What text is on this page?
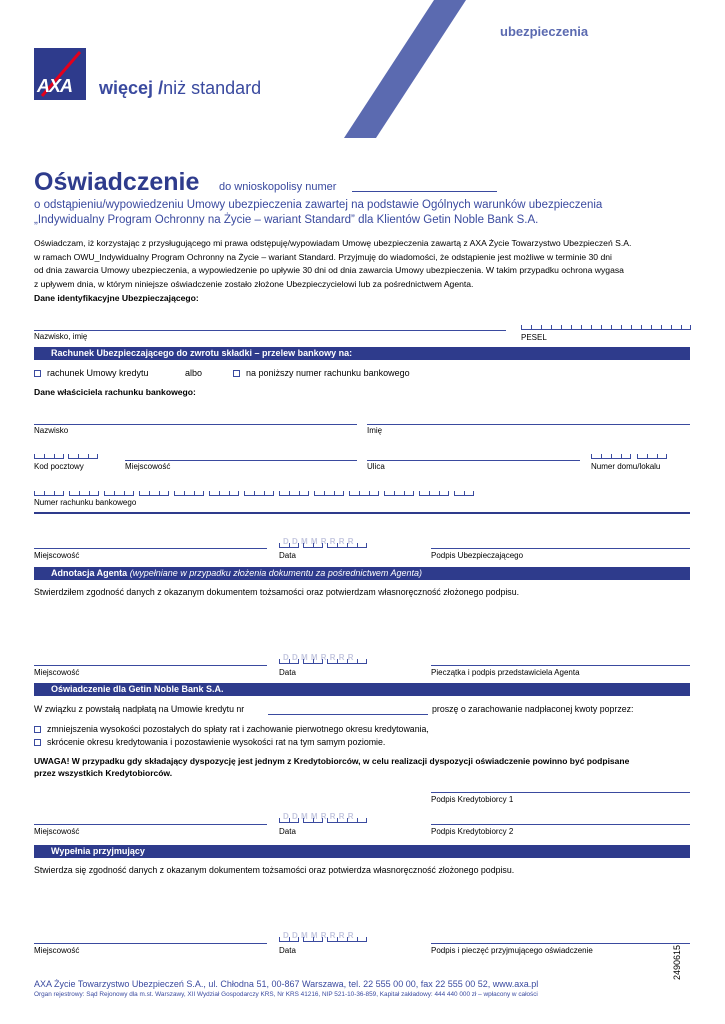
ubezpieczenia
AXA więcej /niż standard
Oświadczenie do wnioskopolisy numer
o odstąpieniu/wypowiedzeniu Umowy ubezpieczenia zawartej na podstawie Ogólnych warunków ubezpieczenia
„Indywidualny Program Ochronny na Życie – wariant Standard” dla Klientów Getin Noble Bank S.A.
Oświadczam, iż korzystając z przysługującego mi prawa odstępuję/wypowiadam Umowę ubezpieczenia zawartą z AXA Życie Towarzystwo Ubezpieczeń S.A.
w ramach OWU_Indywidualny Program Ochronny na Życie – wariant Standard. Przyjmuję do wiadomości, że odstąpienie jest możliwe w terminie 30 dni
od dnia zawarcia Umowy ubezpieczenia, a wypowiedzenie po upływie 30 dni od dnia zawarcia Umowy ubezpieczenia. W takim przypadku ochrona wygasa
z upływem dnia, w którym niniejsze oświadczenie zostało złożone Ubezpieczycielowi lub za pośrednictwem Agenta.
Dane identyfikacyjne Ubezpieczającego:
Nazwisko, imię	PESEL
Rachunek Ubezpieczającego do zwrotu składki – przelew bankowy na:
rachunek Umowy kredytu	albo	na poniższy numer rachunku bankowego
Dane właściciela rachunku bankowego:
Nazwisko	Imię
Kod pocztowy	Miejscowość	Ulica	Numer domu/lokalu
Numer rachunku bankowego
Miejscowość
D D M M R R R R
Data	Podpis Ubezpieczającego
Adnotacja Agenta (wypełniane w przypadku złożenia dokumentu za pośrednictwem Agenta)
Stwierdziłem zgodność danych z okazanym dokumentem tożsamości oraz potwierdzam własnoręczność złożonego podpisu.
Miejscowość
D D M M R R R R
Data	Pieczątka i podpis przedstawiciela Agenta
Oświadczenie dla Getin Noble Bank S.A.
W związku z powstałą nadpłatą na Umowie kredytu nr	proszę o zarachowanie nadpłaconej kwoty poprzez:
zmniejszenia wysokości pozostałych do spłaty rat i zachowanie pierwotnego okresu kredytowania,
skrócenie okresu kredytowania i pozostawienie wysokości rat na tym samym poziomie.
UWAGA! W przypadku gdy składający dyspozycję jest jednym z Kredytobiorców, w celu realizacji dyspozycji oświadczenie powinno być podpisane
przez wszystkich Kredytobiorców.
Podpis Kredytobiorcy 1
Miejscowość
D D M M R R R R
Data	Podpis Kredytobiorcy 2
Wypełnia przyjmujący
Stwierdza się zgodność danych z okazanym dokumentem tożsamości oraz potwierdza własnoręczność złożonego podpisu.
Miejscowość
D D M M R R R R
Data	Podpis i pieczęć przyjmującego oświadczenie
AXA Życie Towarzystwo Ubezpieczeń S.A., ul. Chłodna 51, 00-867 Warszawa, tel. 22 555 00 00, fax 22 555 00 52, www.axa.pl
Organ rejestrowy: Sąd Rejonowy dla m.st. Warszawy, XII Wydział Gospodarczy KRS, Nr KRS 41216, NIP 521-10-36-859, Kapitał zakładowy: 444 440 000 zł – wpłacony w całości
2490615
